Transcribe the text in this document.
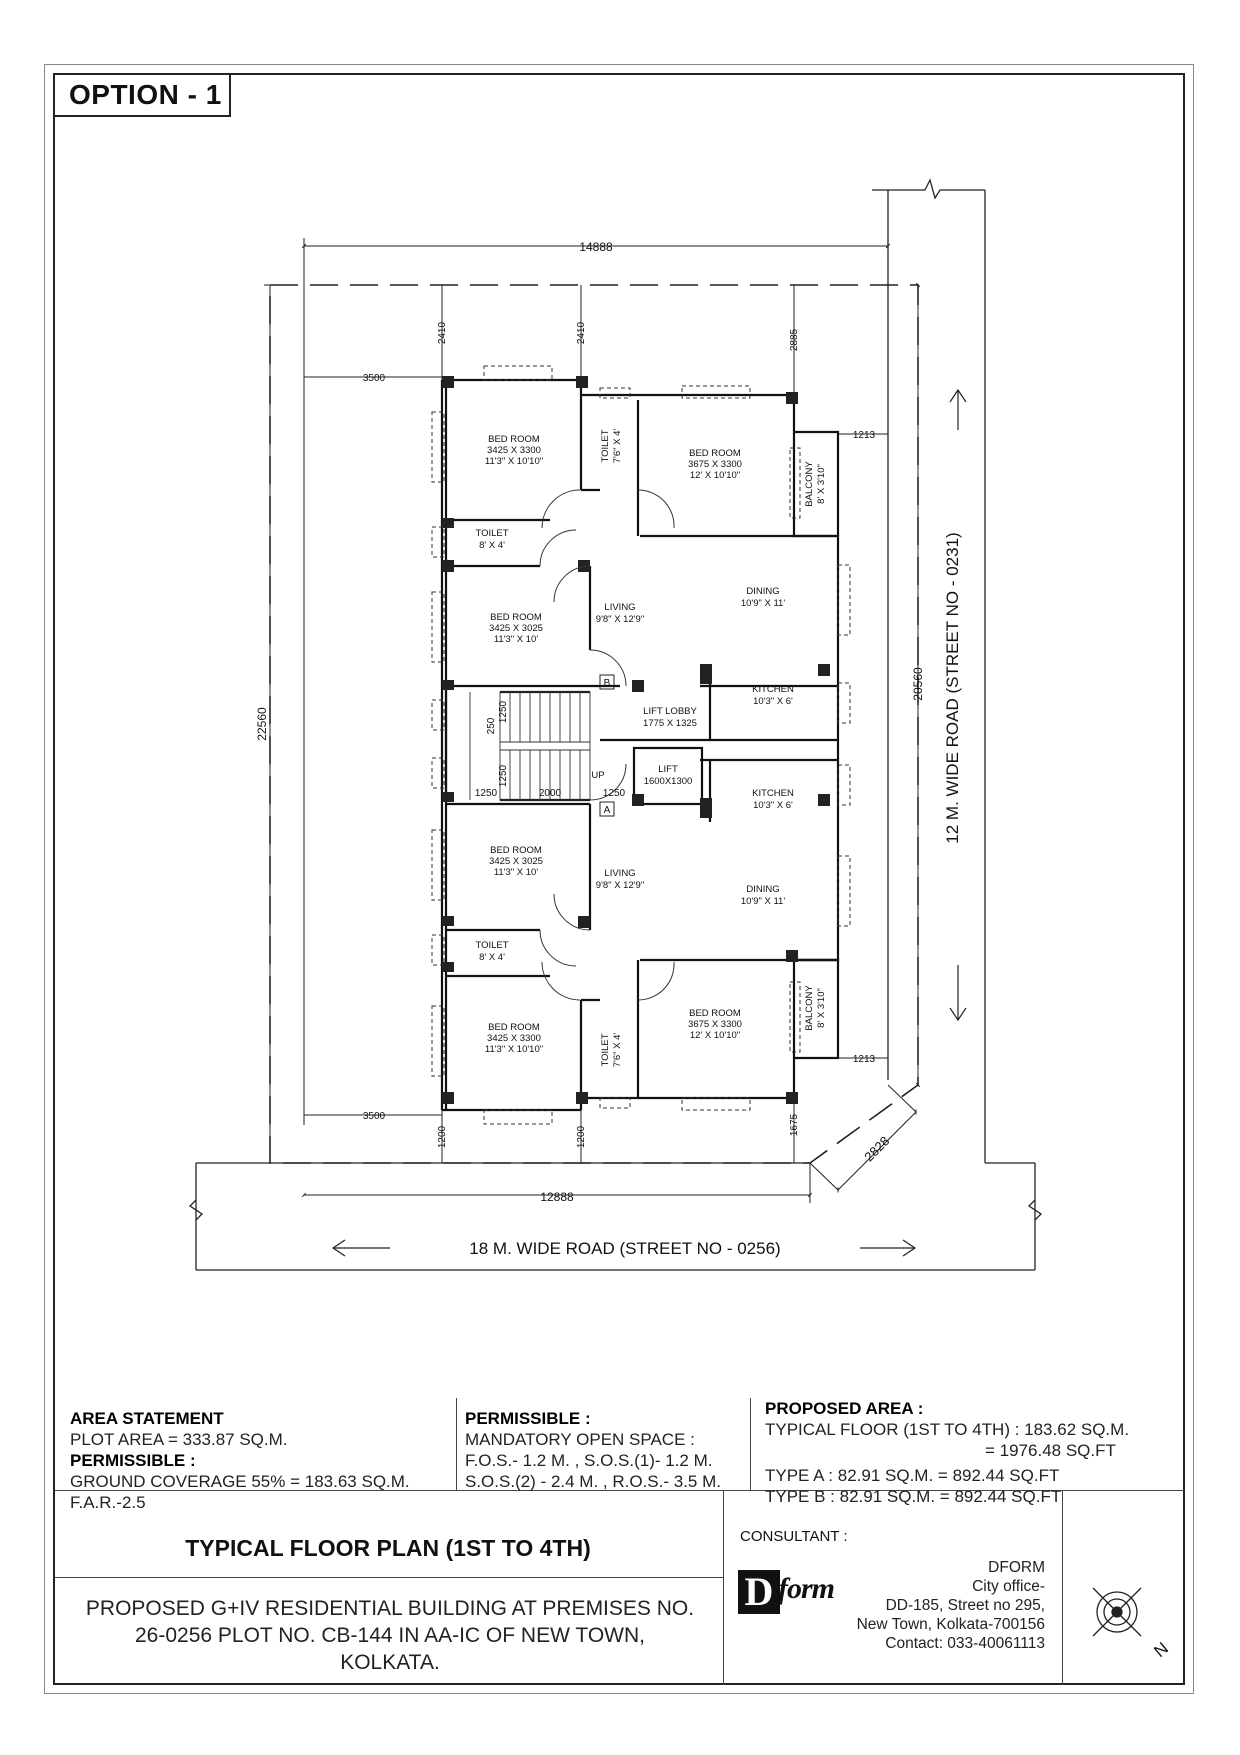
OPTION - 1
BED ROOM
3425 X 3300
11'3" X 10'10"	TOILET 7'6" X 4'	BED ROOM
3675 X 3300
12' X 10'10"	BALCONY 8' X 3'10"
TOILET
8' X 4'
BED ROOM
3425 X 3025
11'3" X 10'
LIVING
9'8" X 12'9"
DINING
10'9" X 11'
KITCHEN
10'3" X 6'
LIFT LOBBY
1775 X 1325
LIFT
1600X1300
KITCHEN
10'3" X 6'
BED ROOM
3425 X 3025
11'3" X 10'	LIVING
9'8" X 12'9"	DINING
10'9" X 11'
TOILET
8' X 4'
BED ROOM
3425 X 3300
11'3" X 10'10"	TOILET 7'6" X 4'
BED ROOM
3675 X 3300
12' X 10'10"
BALCONY 8' X 3'10"
UP
B
A
14888
12888
22560
20560
2410	2410	2885
1200	1200
1675
3500
3500
1213
1213
2828
1250
250
1250
1250	2000	1250
18 M. WIDE ROAD (STREET NO - 0256)
12 M. WIDE ROAD (STREET NO - 0231)
N
AREA STATEMENT
PLOT AREA = 333.87 SQ.M.
PERMISSIBLE :
GROUND COVERAGE 55% = 183.63 SQ.M.
F.A.R.-2.5
PERMISSIBLE :
MANDATORY OPEN SPACE :
F.O.S.- 1.2 M. , S.O.S.(1)- 1.2 M.
S.O.S.(2) - 2.4 M. , R.O.S.- 3.5 M.
PROPOSED AREA :
TYPICAL FLOOR (1ST TO 4TH) : 183.62 SQ.M.
= 1976.48 SQ.FT
TYPE A : 82.91 SQ.M. = 892.44 SQ.FT
TYPE B : 82.91 SQ.M. = 892.44 SQ.FT
TYPICAL FLOOR PLAN (1ST TO 4TH)
PROPOSED G+IV RESIDENTIAL BUILDING AT PREMISES NO.
26-0256 PLOT NO. CB-144 IN AA-IC OF NEW TOWN,
KOLKATA.
CONSULTANT :
D form
DFORM
City office-
DD-185, Street no 295,
New Town, Kolkata-700156
Contact: 033-40061113
